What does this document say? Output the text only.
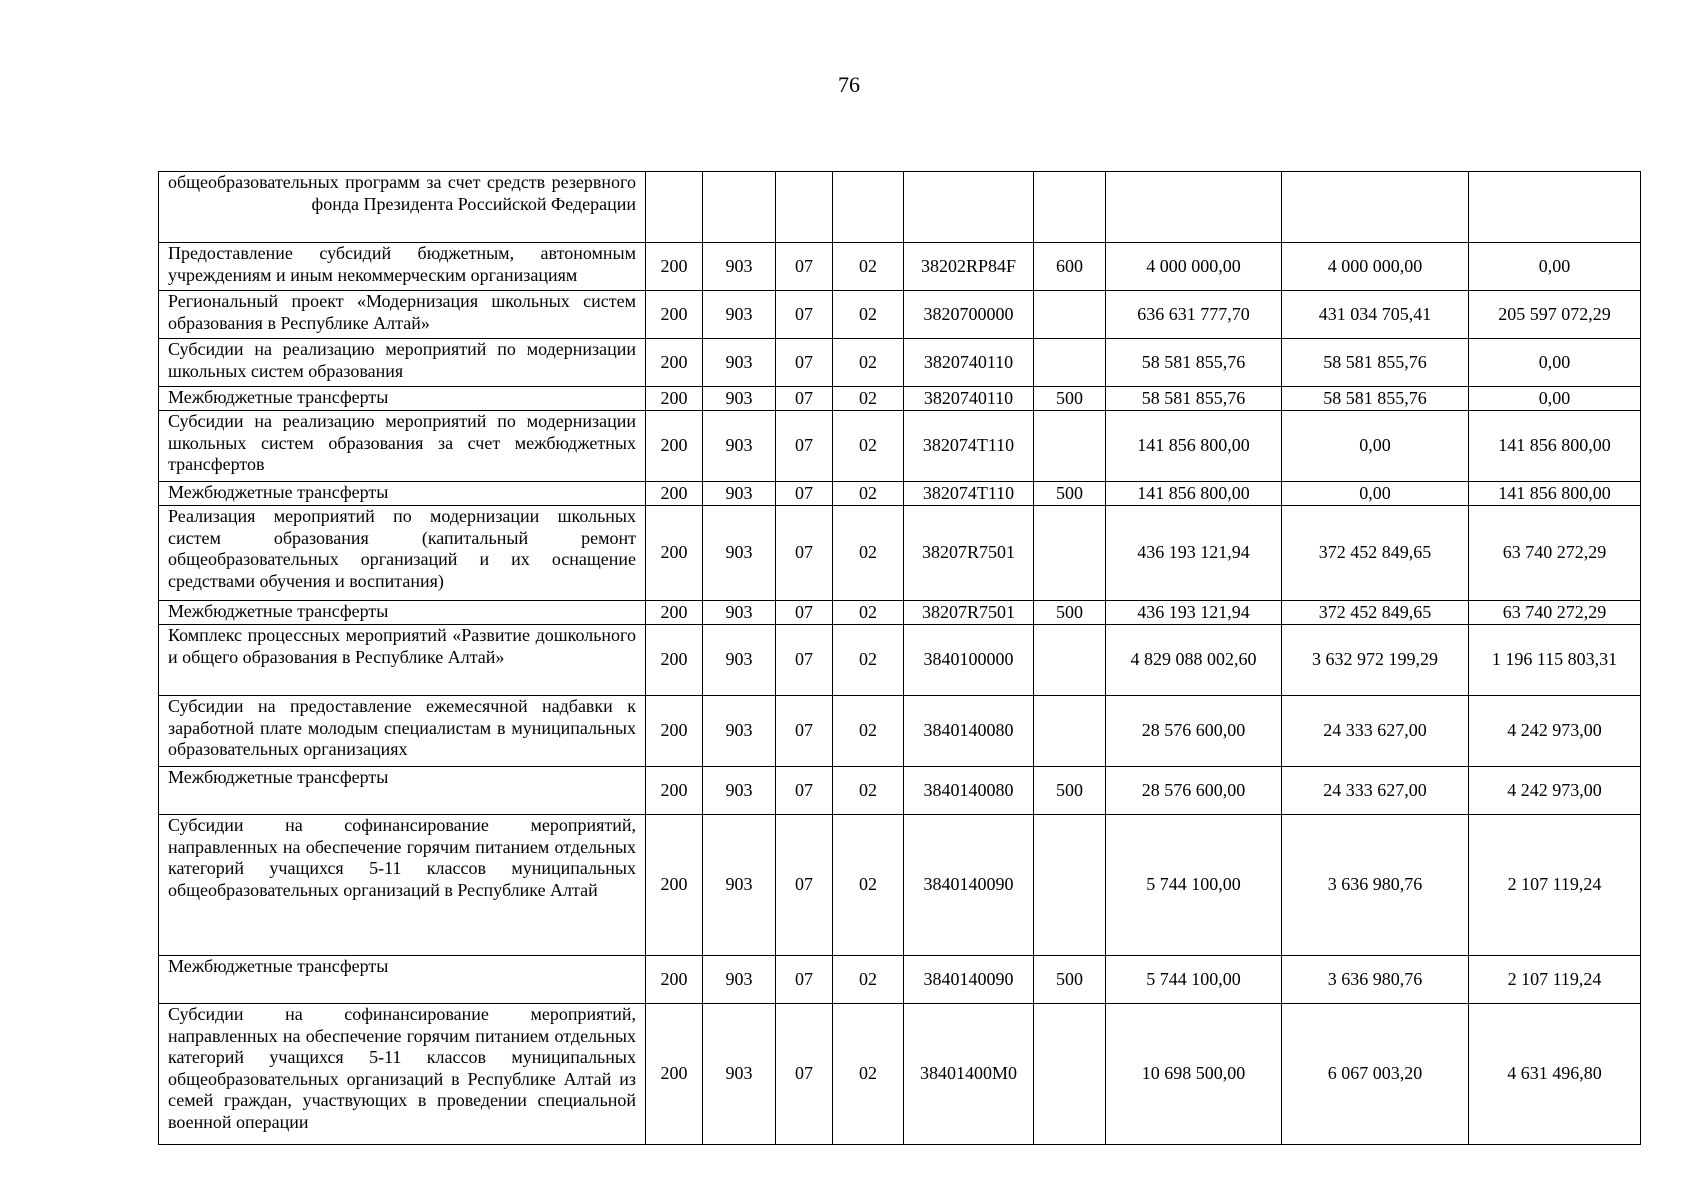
76
общеобразовательных программ за счет средств резервного фонда Президента Российской Федерации									
Предоставление субсидий бюджетным, автономным учреждениям и иным некоммерческим организациям	200	903	07	02	38202RP84F	600	4 000 000,00	4 000 000,00	0,00
Региональный проект «Модернизация школьных систем образования в Республике Алтай»	200	903	07	02	3820700000		636 631 777,70	431 034 705,41	205 597 072,29
Субсидии на реализацию мероприятий по модернизации школьных систем образования	200	903	07	02	3820740110		58 581 855,76	58 581 855,76	0,00
Межбюджетные трансферты	200	903	07	02	3820740110	500	58 581 855,76	58 581 855,76	0,00
Субсидии на реализацию мероприятий по модернизации школьных систем образования за счет межбюджетных трансфертов	200	903	07	02	382074T110		141 856 800,00	0,00	141 856 800,00
Межбюджетные трансферты	200	903	07	02	382074T110	500	141 856 800,00	0,00	141 856 800,00
Реализация мероприятий по модернизации школьных систем образования (капитальный ремонт общеобразовательных организаций и их оснащение средствами обучения и воспитания)	200	903	07	02	38207R7501		436 193 121,94	372 452 849,65	63 740 272,29
Межбюджетные трансферты	200	903	07	02	38207R7501	500	436 193 121,94	372 452 849,65	63 740 272,29
Комплекс процессных мероприятий «Развитие дошкольного и общего образования в Республике Алтай»	200	903	07	02	3840100000		4 829 088 002,60	3 632 972 199,29	1 196 115 803,31
Субсидии на предоставление ежемесячной надбавки к заработной плате молодым специалистам в муниципальных образовательных организациях	200	903	07	02	3840140080		28 576 600,00	24 333 627,00	4 242 973,00
Межбюджетные трансферты	200	903	07	02	3840140080	500	28 576 600,00	24 333 627,00	4 242 973,00
Субсидии на софинансирование мероприятий, направленных на обеспечение горячим питанием отдельных категорий учащихся 5-11 классов муниципальных общеобразовательных организаций в Республике Алтай	200	903	07	02	3840140090		5 744 100,00	3 636 980,76	2 107 119,24
Межбюджетные трансферты	200	903	07	02	3840140090	500	5 744 100,00	3 636 980,76	2 107 119,24
Субсидии на софинансирование мероприятий, направленных на обеспечение горячим питанием отдельных категорий учащихся 5-11 классов муниципальных общеобразовательных организаций в Республике Алтай из семей граждан, участвующих в проведении специальной военной операции	200	903	07	02	38401400M0		10 698 500,00	6 067 003,20	4 631 496,80
